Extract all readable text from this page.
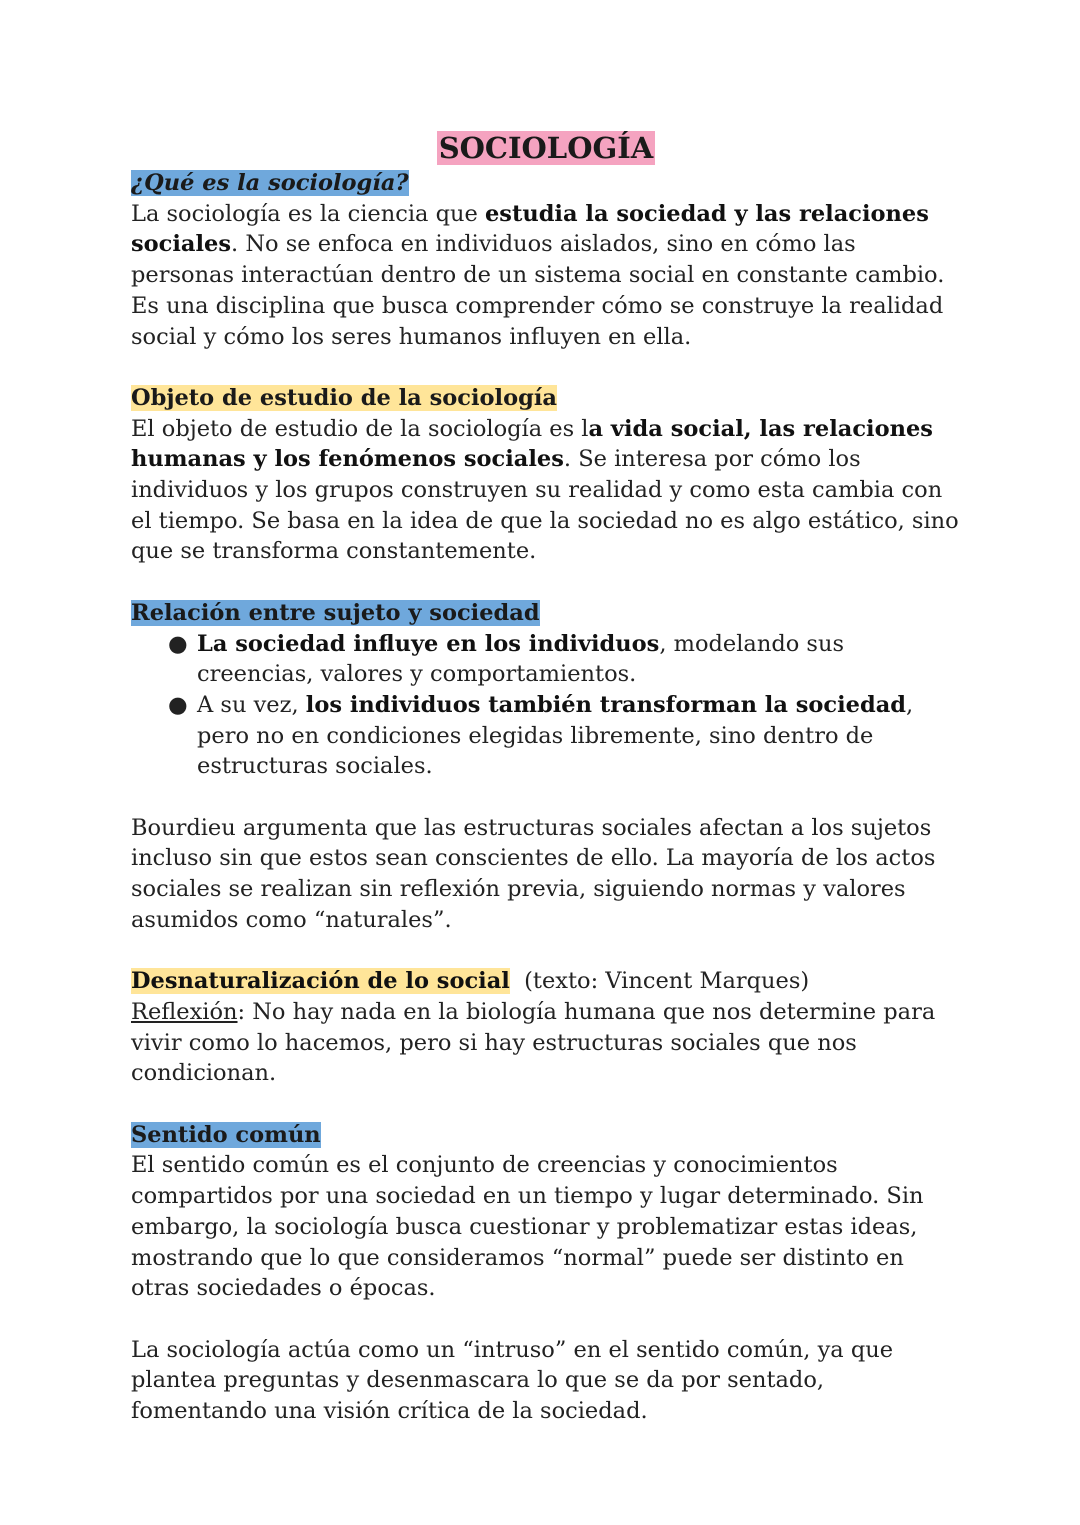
SOCIOLOGÍA
¿Qué es la sociología?

La sociología es la ciencia que estudia la sociedad y las relaciones sociales. No se enfoca en individuos aislados, sino en cómo las personas interactúan dentro de un sistema social en constante cambio. Es una disciplina que busca comprender cómo se construye la realidad social y cómo los seres humanos influyen en ella.

Objeto de estudio de la sociología

El objeto de estudio de la sociología es la vida social, las relaciones humanas y los fenómenos sociales. Se interesa por cómo los individuos y los grupos construyen su realidad y como esta cambia con el tiempo. Se basa en la idea de que la sociedad no es algo estático, sino que se transforma constantemente.

Relación entre sujeto y sociedad
● La sociedad influye en los individuos, modelando sus creencias, valores y comportamientos.
● A su vez, los individuos también transforman la sociedad, pero no en condiciones elegidas libremente, sino dentro de estructuras sociales.

Bourdieu argumenta que las estructuras sociales afectan a los sujetos incluso sin que estos sean conscientes de ello. La mayoría de los actos sociales se realizan sin reflexión previa, siguiendo normas y valores asumidos como “naturales”.

Desnaturalización de lo social (texto: Vincent Marques)

Reflexión: No hay nada en la biología humana que nos determine para vivir como lo hacemos, pero si hay estructuras sociales que nos condicionan.

Sentido común

El sentido común es el conjunto de creencias y conocimientos compartidos por una sociedad en un tiempo y lugar determinado. Sin embargo, la sociología busca cuestionar y problematizar estas ideas, mostrando que lo que consideramos “normal” puede ser distinto en otras sociedades o épocas.

La sociología actúa como un “intruso” en el sentido común, ya que plantea preguntas y desenmascara lo que se da por sentado, fomentando una visión crítica de la sociedad.
